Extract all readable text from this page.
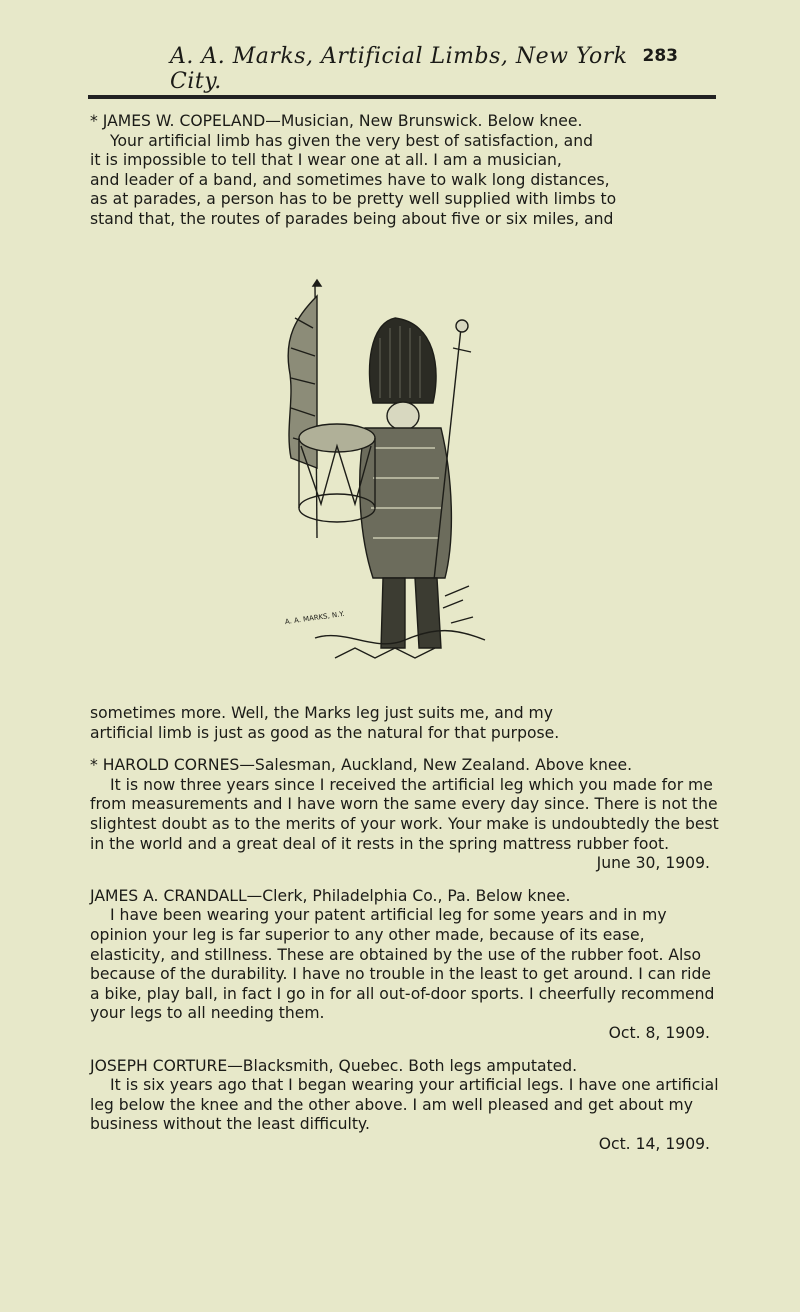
A. A. Marks, Artificial Limbs, New York City.
283

* JAMES W. COPELAND—Musician, New Brunswick. Below knee.

Your artificial limb has given the very best of satisfaction, and

it is impossible to tell that I wear one at all. I am a musician,

and leader of a band, and sometimes have to walk long distances,

as at parades, a person has to be pretty well supplied with limbs to

stand that, the routes of parades being about five or six miles, and

A. A. MARKS, N.Y.

sometimes more. Well, the Marks leg just suits me, and my

artificial limb is just as good as the natural for that purpose.

* HAROLD CORNES—Salesman, Auckland, New Zealand. Above knee.

It is now three years since I received the artificial leg which you made for me from measurements and I have worn the same every day since. There is not the slightest doubt as to the merits of your work. Your make is undoubtedly the best in the world and a great deal of it rests in the spring mattress rubber foot.

June 30, 1909.

JAMES A. CRANDALL—Clerk, Philadelphia Co., Pa. Below knee.

I have been wearing your patent artificial leg for some years and in my opinion your leg is far superior to any other made, because of its ease, elasticity, and stillness. These are obtained by the use of the rubber foot. Also because of the durability. I have no trouble in the least to get around. I can ride a bike, play ball, in fact I go in for all out-of-door sports. I cheerfully recommend your legs to all needing them.

Oct. 8, 1909.

JOSEPH CORTURE—Blacksmith, Quebec. Both legs amputated.

It is six years ago that I began wearing your artificial legs. I have one artificial leg below the knee and the other above. I am well pleased and get about my business without the least difficulty.

Oct. 14, 1909.
